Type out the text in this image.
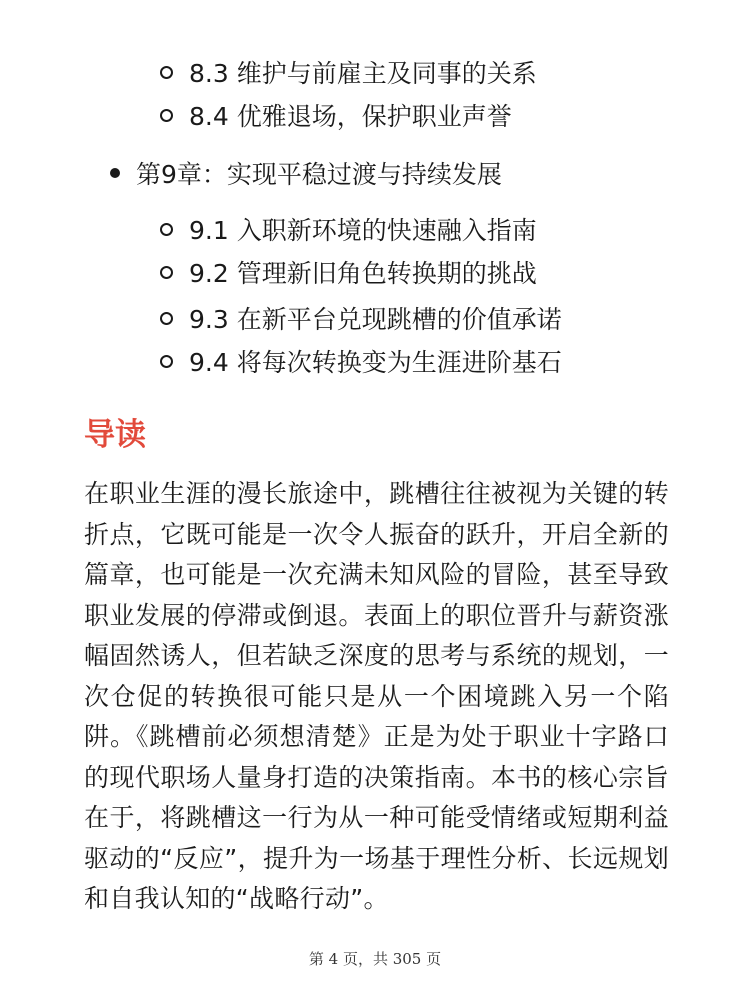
8.3 维护与前雇主及同事的关系
8.4 优雅退场，保护职业声誉
第9章：实现平稳过渡与持续发展
9.1 入职新环境的快速融入指南
9.2 管理新旧角色转换期的挑战
9.3 在新平台兑现跳槽的价值承诺
9.4 将每次转换变为生涯进阶基石
导读

在职业生涯的漫长旅途中，跳槽往往被视为关键的转折点，它既可能是一次令人振奋的跃升，开启全新的篇章，也可能是一次充满未知风险的冒险，甚至导致职业发展的停滞或倒退。表面上的职位晋升与薪资涨幅固然诱人，但若缺乏深度的思考与系统的规划，一次仓促的转换很可能只是从一个困境跳入另一个陷阱。《跳槽前必须想清楚》正是为处于职业十字路口的现代职场人量身打造的决策指南。本书的核心宗旨在于，将跳槽这一行为从一种可能受情绪或短期利益驱动的“反应”，提升为一场基于理性分析、长远规划和自我认知的“战略行动”。

第 4 页，共 305 页
